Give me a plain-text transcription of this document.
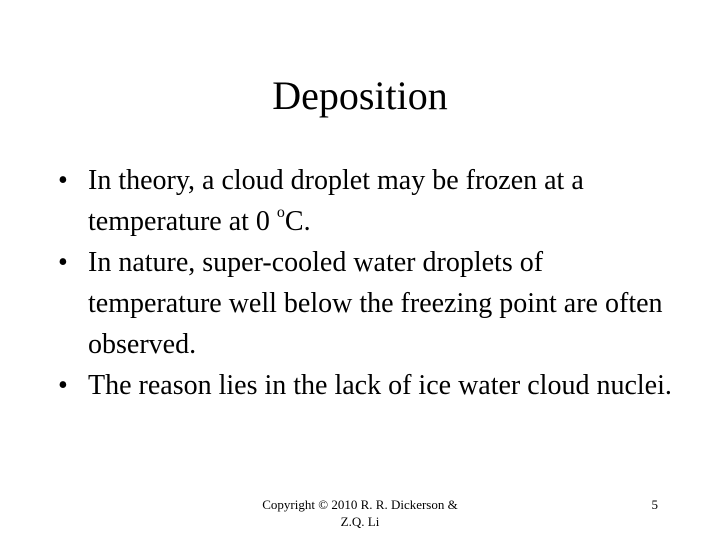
Deposition
• In theory, a cloud droplet may be frozen at a temperature at 0 $^o$C.
• In nature, super-cooled water droplets of temperature well below the freezing point are often observed.
• The reason lies in the lack of ice water cloud nuclei.
Copyright © 2010 R. R. Dickerson & Z.Q. Li
5
